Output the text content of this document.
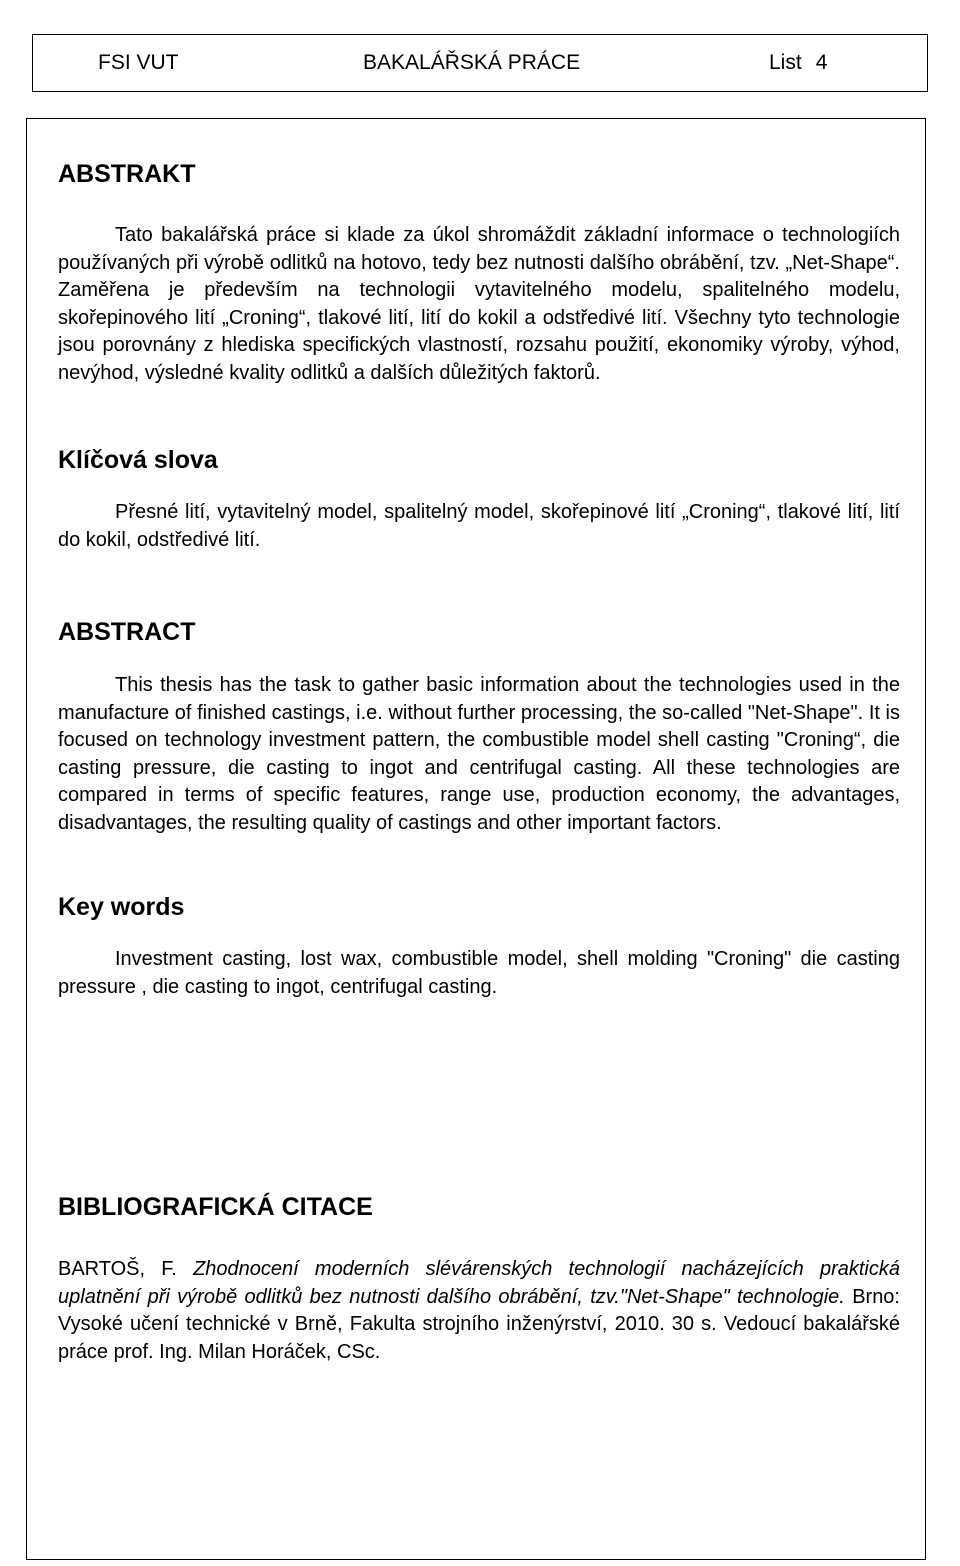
FSI VUT	BAKALÁŘSKÁ PRÁCE	List 4
ABSTRAKT

Tato bakalářská práce si klade za úkol shromáždit základní informace o technologiích používaných při výrobě odlitků na hotovo, tedy bez nutnosti dalšího obrábění, tzv. „Net-Shape“. Zaměřena je především na technologii vytavitelného modelu, spalitelného modelu, skořepinového lití „Croning“, tlakové lití, lití do kokil a odstředivé lití. Všechny tyto technologie jsou porovnány z hlediska specifických vlastností, rozsahu použití, ekonomiky výroby, výhod, nevýhod, výsledné kvality odlitků a dalších důležitých faktorů.

Klíčová slova

Přesné lití, vytavitelný model, spalitelný model, skořepinové lití „Croning“, tlakové lití, lití do kokil, odstředivé lití.

ABSTRACT

This thesis has the task to gather basic information about the technologies used in the manufacture of finished castings, i.e. without further processing, the so-called "Net-Shape". It is focused on technology investment pattern, the combustible model shell casting "Croning“, die casting pressure, die casting to ingot and centrifugal casting. All these technologies are compared in terms of specific features, range use, production economy, the advantages, disadvantages, the resulting quality of castings and other important factors.

Key words

Investment casting, lost wax, combustible model, shell molding "Croning" die casting pressure , die casting to ingot, centrifugal casting.

BIBLIOGRAFICKÁ CITACE

BARTOŠ, F. Zhodnocení moderních slévárenských technologií nacházejících praktická uplatnění při výrobě odlitků bez nutnosti dalšího obrábění, tzv."Net-Shape" technologie. Brno: Vysoké učení technické v Brně, Fakulta strojního inženýrství, 2010. 30 s. Vedoucí bakalářské práce prof. Ing. Milan Horáček, CSc.
